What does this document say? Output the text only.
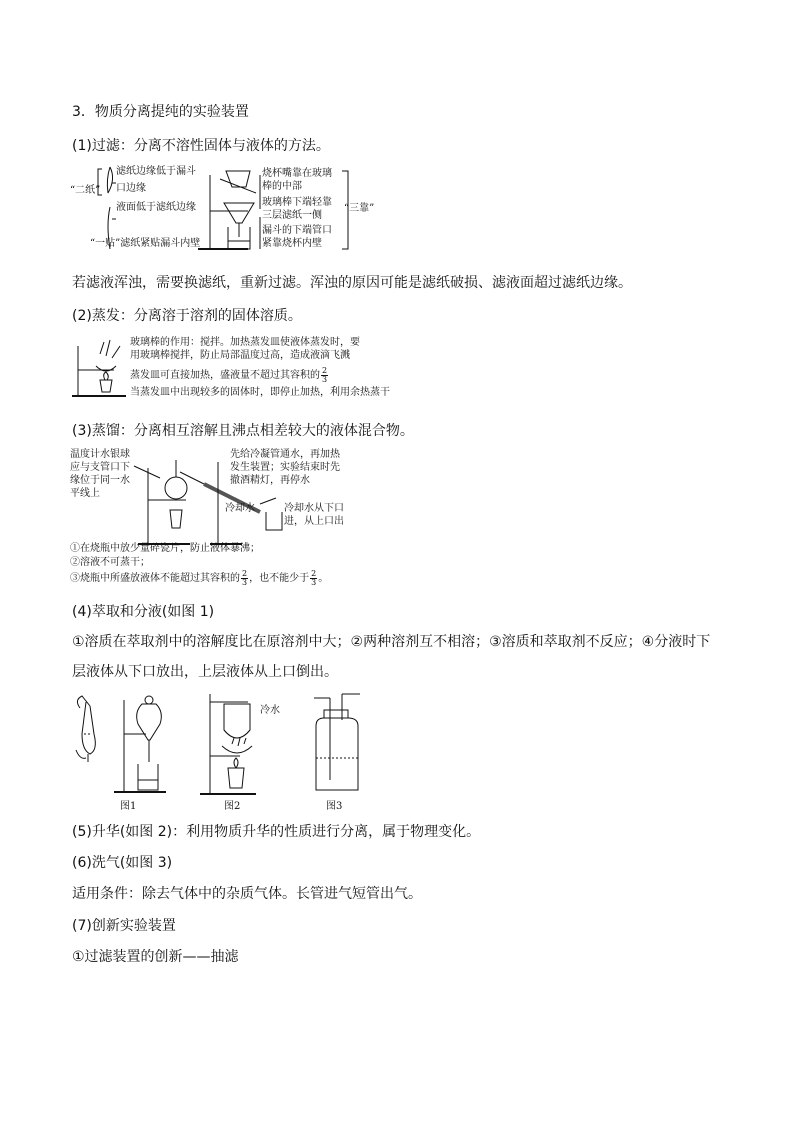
3．物质分离提纯的实验装置
(1)过滤：分离不溶性固体与液体的方法。
“二纸”
滤纸边缘低于漏斗
口边缘
液面低于滤纸边缘
“一贴”滤纸紧贴漏斗内壁
烧杯嘴靠在玻璃
棒的中部
玻璃棒下端轻靠
三层滤纸一侧
漏斗的下端管口
紧靠烧杯内壁
“三靠”
若滤液浑浊，需要换滤纸，重新过滤。浑浊的原因可能是滤纸破损、滤液面超过滤纸边缘。
(2)蒸发：分离溶于溶剂的固体溶质。
玻璃棒的作用：搅拌。加热蒸发皿使液体蒸发时，要
用玻璃棒搅拌，防止局部温度过高，造成液滴飞溅
蒸发皿可直接加热，盛液量不超过其容积的 $\frac{2}{3}$
当蒸发皿中出现较多的固体时，即停止加热，利用余热蒸干
(3)蒸馏：分离相互溶解且沸点相差较大的液体混合物。
温度计水银球
应与支管口下
缘位于同一水
平线上
先给冷凝管通水，再加热
发生装置；实验结束时先
撤酒精灯，再停水
冷却水	冷却水从下口
进，从上口出
①在烧瓶中放少量碎瓷片，防止液体暴沸；
②溶液不可蒸干；
③烧瓶中所盛放液体不能超过其容积的 $\frac{2}{3}$ ，也不能少于 $\frac{2}{3}$ 。
(4)萃取和分液(如图 1)
①溶质在萃取剂中的溶解度比在原溶剂中大；②两种溶剂互不相溶；③溶质和萃取剂不反应；④分液时下
层液体从下口放出，上层液体从上口倒出。
图1	图2	图3
冷水
(5)升华(如图 2)：利用物质升华的性质进行分离，属于物理变化。
(6)洗气(如图 3)
适用条件：除去气体中的杂质气体。长管进气短管出气。
(7)创新实验装置
①过滤装置的创新——抽滤
